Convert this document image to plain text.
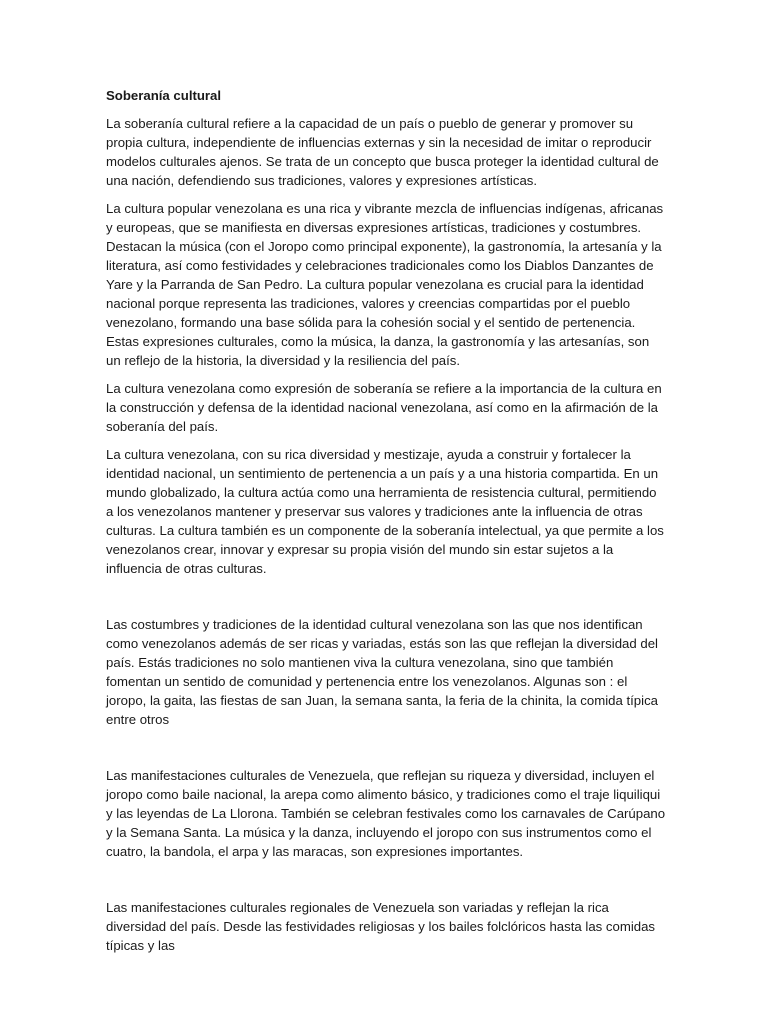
Soberanía cultural

La soberanía cultural refiere a la capacidad de un país o pueblo de generar y promover su propia cultura, independiente de influencias externas y sin la necesidad de imitar o reproducir modelos culturales ajenos. Se trata de un concepto que busca proteger la identidad cultural de una nación, defendiendo sus tradiciones, valores y expresiones artísticas.

La cultura popular venezolana es una rica y vibrante mezcla de influencias indígenas, africanas y europeas, que se manifiesta en diversas expresiones artísticas, tradiciones y costumbres. Destacan la música (con el Joropo como principal exponente), la gastronomía, la artesanía y la literatura, así como festividades y celebraciones tradicionales como los Diablos Danzantes de Yare y la Parranda de San Pedro. La cultura popular venezolana es crucial para la identidad nacional porque representa las tradiciones, valores y creencias compartidas por el pueblo venezolano, formando una base sólida para la cohesión social y el sentido de pertenencia. Estas expresiones culturales, como la música, la danza, la gastronomía y las artesanías, son un reflejo de la historia, la diversidad y la resiliencia del país.

La cultura venezolana como expresión de soberanía se refiere a la importancia de la cultura en la construcción y defensa de la identidad nacional venezolana, así como en la afirmación de la soberanía del país.

La cultura venezolana, con su rica diversidad y mestizaje, ayuda a construir y fortalecer la identidad nacional, un sentimiento de pertenencia a un país y a una historia compartida. En un mundo globalizado, la cultura actúa como una herramienta de resistencia cultural, permitiendo a los venezolanos mantener y preservar sus valores y tradiciones ante la influencia de otras culturas. La cultura también es un componente de la soberanía intelectual, ya que permite a los venezolanos crear, innovar y expresar su propia visión del mundo sin estar sujetos a la influencia de otras culturas.

Las costumbres y tradiciones de la identidad cultural venezolana son las que nos identifican como venezolanos además de ser ricas y variadas, estás son las que reflejan la diversidad del país. Estás tradiciones no solo mantienen viva la cultura venezolana, sino que también fomentan un sentido de comunidad y pertenencia entre los venezolanos. Algunas son : el joropo, la gaita, las fiestas de san Juan, la semana santa, la feria de la chinita, la comida típica entre otros

Las manifestaciones culturales de Venezuela, que reflejan su riqueza y diversidad, incluyen el joropo como baile nacional, la arepa como alimento básico, y tradiciones como el traje liquiliqui y las leyendas de La Llorona. También se celebran festivales como los carnavales de Carúpano y la Semana Santa. La música y la danza, incluyendo el joropo con sus instrumentos como el cuatro, la bandola, el arpa y las maracas, son expresiones importantes.

Las manifestaciones culturales regionales de Venezuela son variadas y reflejan la rica diversidad del país. Desde las festividades religiosas y los bailes folclóricos hasta las comidas típicas y las
